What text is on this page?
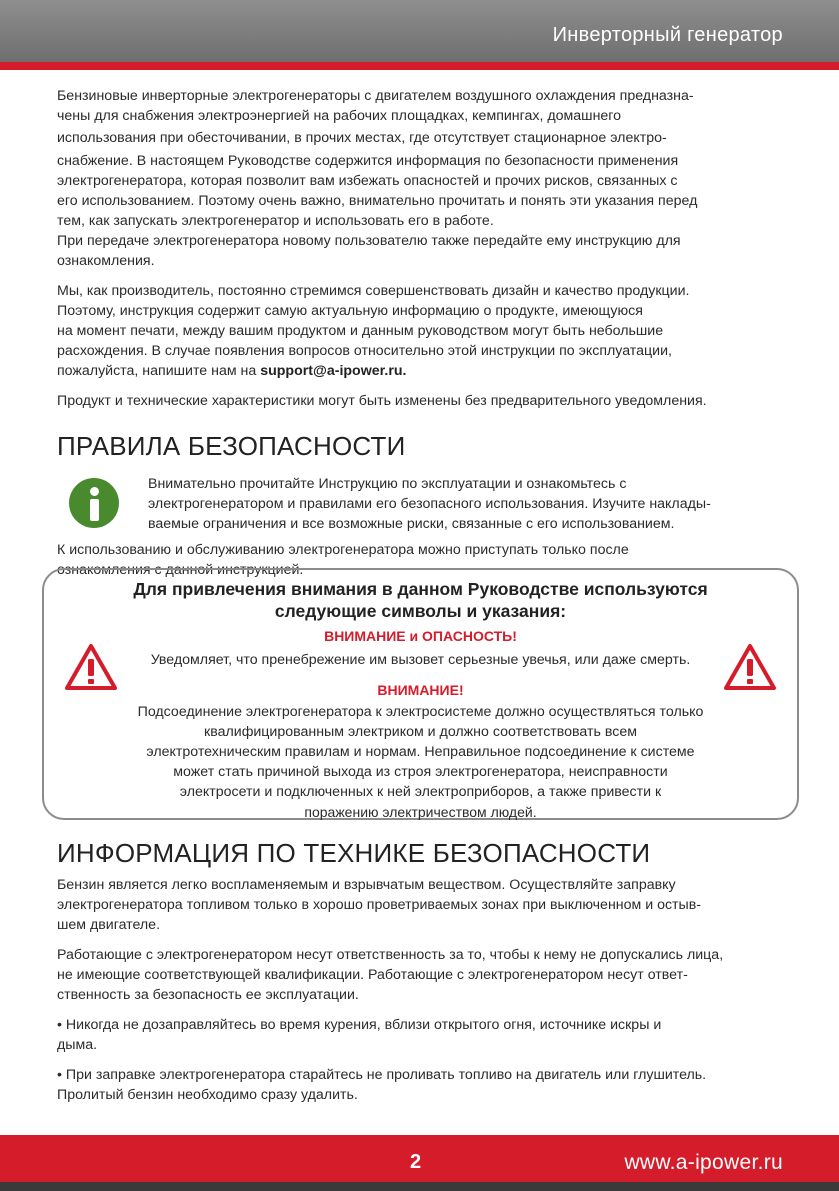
Инверторный генератор

Бензиновые инверторные электрогенераторы с двигателем воздушного охлаждения предназна-

чены для снабжения электроэнергией на рабочих площадках, кемпингах, домашнего

использования при обесточивании, в прочих местах, где отсутствует стационарное электро-

снабжение. В настоящем Руководстве содержится информация по безопасности применения

электрогенератора, которая позволит вам избежать опасностей и прочих рисков, связанных с

его использованием. Поэтому очень важно, внимательно прочитать и понять эти указания перед

тем, как запускать электрогенератор и использовать его в работе.

При передаче электрогенератора новому пользователю также передайте ему инструкцию для

ознакомления.

Мы, как производитель, постоянно стремимся совершенствовать дизайн и качество продукции.

Поэтому, инструкция содержит самую актуальную информацию о продукте, имеющуюся

на момент печати, между вашим продуктом и данным руководством могут быть небольшие

расхождения. В случае появления вопросов относительно этой инструкции по эксплуатации,

пожалуйста, напишите нам на support@a-ipower.ru.

Продукт и технические характеристики могут быть изменены без предварительного уведомления.

ПРАВИЛА БЕЗОПАСНОСТИ

Внимательно прочитайте Инструкцию по эксплуатации и ознакомьтесь с

электрогенератором и правилами его безопасного использования. Изучите наклады-

ваемые ограничения и все возможные риски, связанные с его использованием.

К использованию и обслуживанию электрогенератора можно приступать только после

ознакомления с данной инструкцией.

Для привлечения внимания в данном Руководстве используются
следующие символы и указания:
ВНИМАНИЕ и ОПАСНОСТЬ!
Уведомляет, что пренебрежение им вызовет серьезные увечья, или даже смерть.
ВНИМАНИЕ!
Подсоединение электрогенератора к электросистеме должно осуществляться только
квалифицированным электриком и должно соответствовать всем
электротехническим правилам и нормам. Неправильное подсоединение к системе
может стать причиной выхода из строя электрогенератора, неисправности
электросети и подключенных к ней электроприборов, а также привести к
поражению электричеством людей.
ИНФОРМАЦИЯ ПО ТЕХНИКЕ БЕЗОПАСНОСТИ

Бензин является легко воспламеняемым и взрывчатым веществом. Осуществляйте заправку

электрогенератора топливом только в хорошо проветриваемых зонах при выключенном и остыв-

шем двигателе.

Работающие с электрогенератором несут ответственность за то, чтобы к нему не допускались лица,

не имеющие соответствующей квалификации. Работающие с электрогенератором несут ответ-

ственность за безопасность ее эксплуатации.

• Никогда не дозаправляйтесь во время курения, вблизи открытого огня, источнике искры и

дыма.

• При заправке электрогенератора старайтесь не проливать топливо на двигатель или глушитель.

Пролитый бензин необходимо сразу удалить.

2	www.a-ipower.ru
